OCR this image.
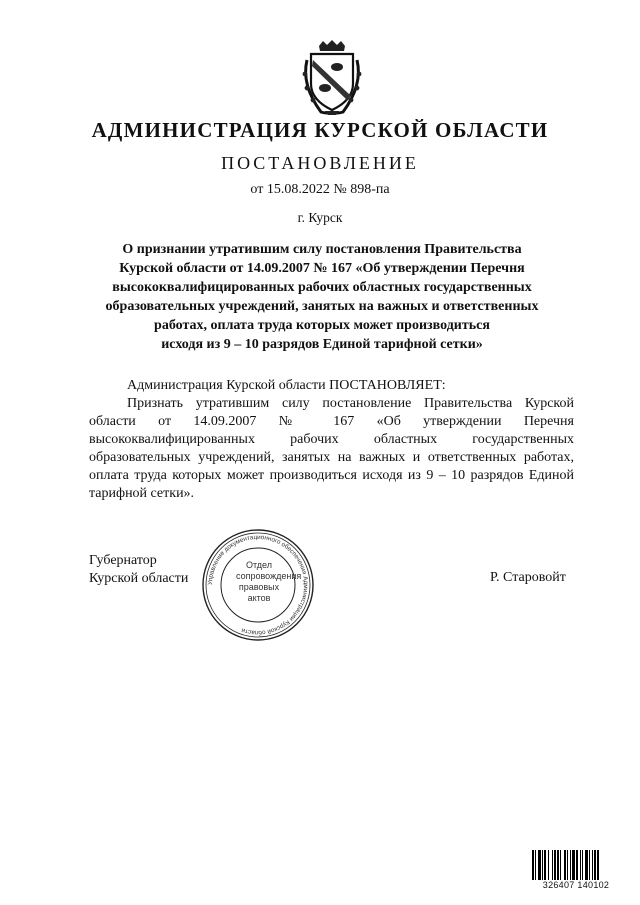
АДМИНИСТРАЦИЯ КУРСКОЙ ОБЛАСТИ
ПОСТАНОВЛЕНИЕ
от 15.08.2022 № 898-па
г. Курск
О признании утратившим силу постановления Правительства
Курской области от 14.09.2007 № 167 «Об утверждении Перечня
высококвалифицированных рабочих областных государственных
образовательных учреждений, занятых на важных и ответственных
работах, оплата труда которых может производиться
исходя из 9 – 10 разрядов Единой тарифной сетки»
Администрация Курской области ПОСТАНОВЛЯЕТ:
Признать утратившим силу постановление Правительства Курской
области от 14.09.2007 № 167 «Об утверждении Перечня высококвалифицированных рабочих областных государственных образовательных учреждений, занятых на важных и ответственных работах, оплата труда которых может производиться исходя из 9 – 10 разрядов Единой тарифной сетки».
Губернатор
Курской области	Р. Старовойт
Управление документационного обеспечения Администрации Курской области
Отдел
сопровождения
правовых
актов
326407 140102
